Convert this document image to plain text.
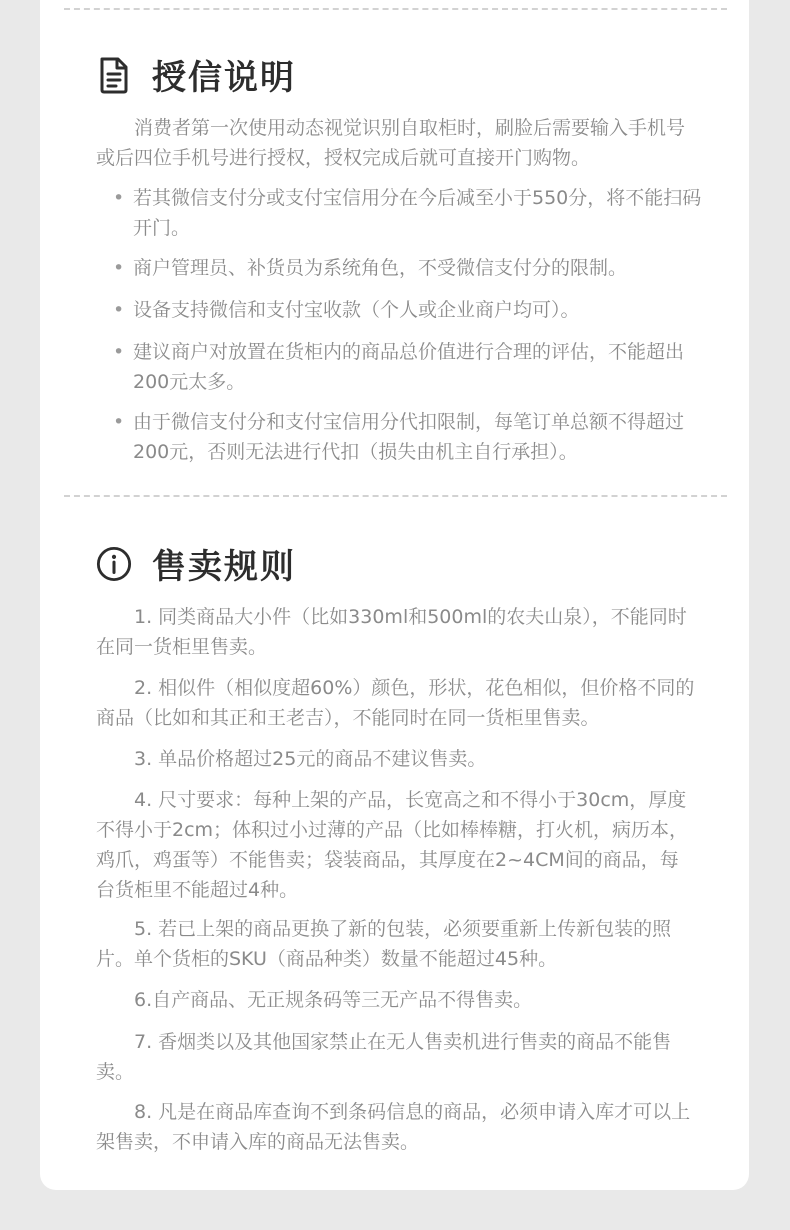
授信说明

消费者第一次使用动态视觉识别自取柜时，刷脸后需要输入手机号或后四位手机号进行授权，授权完成后就可直接开门购物。

• 若其微信支付分或支付宝信用分在今后减至小于550分，将不能扫码开门。
• 商户管理员、补货员为系统角色，不受微信支付分的限制。
• 设备支持微信和支付宝收款（个人或企业商户均可）。
• 建议商户对放置在货柜内的商品总价值进行合理的评估，不能超出200元太多。
• 由于微信支付分和支付宝信用分代扣限制，每笔订单总额不得超过200元，否则无法进行代扣（损失由机主自行承担）。
售卖规则

1. 同类商品大小件（比如330ml和500ml的农夫山泉），不能同时在同一货柜里售卖。

2. 相似件（相似度超60%）颜色，形状，花色相似，但价格不同的商品（比如和其正和王老吉），不能同时在同一货柜里售卖。

3. 单品价格超过25元的商品不建议售卖。

4. 尺寸要求：每种上架的产品，长宽高之和不得小于30cm，厚度不得小于2cm；体积过小过薄的产品（比如棒棒糖，打火机，病历本，鸡爪，鸡蛋等）不能售卖；袋装商品，其厚度在2~4CM间的商品，每台货柜里不能超过4种。

5. 若已上架的商品更换了新的包装，必须要重新上传新包装的照片。单个货柜的SKU（商品种类）数量不能超过45种。

6.自产商品、无正规条码等三无产品不得售卖。

7. 香烟类以及其他国家禁止在无人售卖机进行售卖的商品不能售卖。

8. 凡是在商品库查询不到条码信息的商品，必须申请入库才可以上架售卖，不申请入库的商品无法售卖。
